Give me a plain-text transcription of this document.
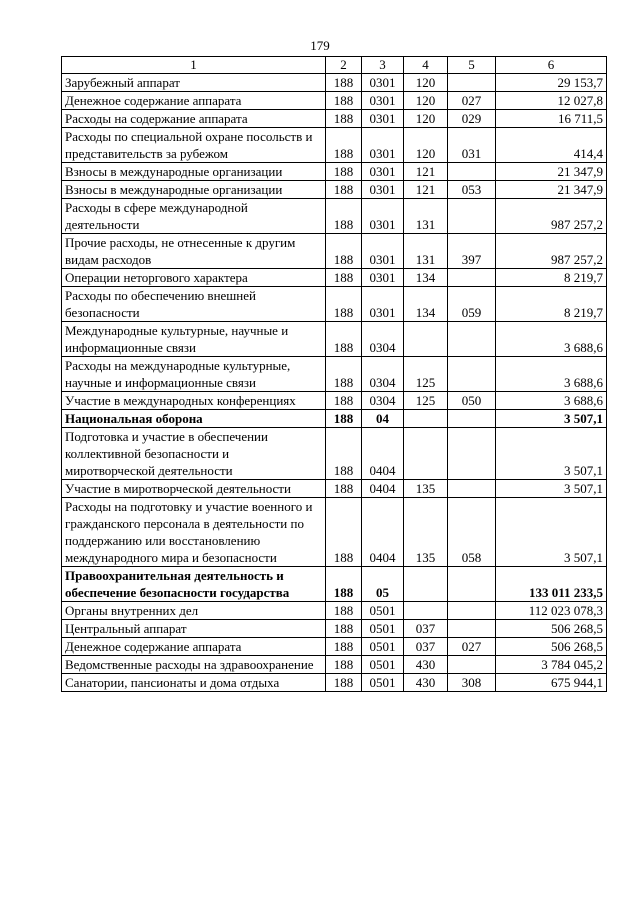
179
1	2	3	4	5	6
Зарубежный аппарат	188	0301	120		29 153,7
Денежное содержание аппарата	188	0301	120	027	12 027,8
Расходы на содержание аппарата	188	0301	120	029	16 711,5
Расходы по специальной охране посольств и представительств за рубежом	188	0301	120	031	414,4
Взносы в международные организации	188	0301	121		21 347,9
Взносы в международные организации	188	0301	121	053	21 347,9
Расходы в сфере международной деятельности	188	0301	131		987 257,2
Прочие расходы, не отнесенные к другим видам расходов	188	0301	131	397	987 257,2
Операции неторгового характера	188	0301	134		8 219,7
Расходы по обеспечению внешней безопасности	188	0301	134	059	8 219,7
Международные культурные, научные и информационные связи	188	0304			3 688,6
Расходы на международные культурные, научные и информационные связи	188	0304	125		3 688,6
Участие в международных конференциях	188	0304	125	050	3 688,6
Национальная оборона	188	04			3 507,1
Подготовка и участие в обеспечении коллективной безопасности и миротворческой деятельности	188	0404			3 507,1
Участие в миротворческой деятельности	188	0404	135		3 507,1
Расходы на подготовку и участие военного и гражданского персонала в деятельности по поддержанию или восстановлению международного мира и безопасности	188	0404	135	058	3 507,1
Правоохранительная деятельность и обеспечение безопасности государства	188	05			133 011 233,5
Органы внутренних дел	188	0501			112 023 078,3
Центральный аппарат	188	0501	037		506 268,5
Денежное содержание аппарата	188	0501	037	027	506 268,5
Ведомственные расходы на здравоохранение	188	0501	430		3 784 045,2
Санатории, пансионаты и дома отдыха	188	0501	430	308	675 944,1
